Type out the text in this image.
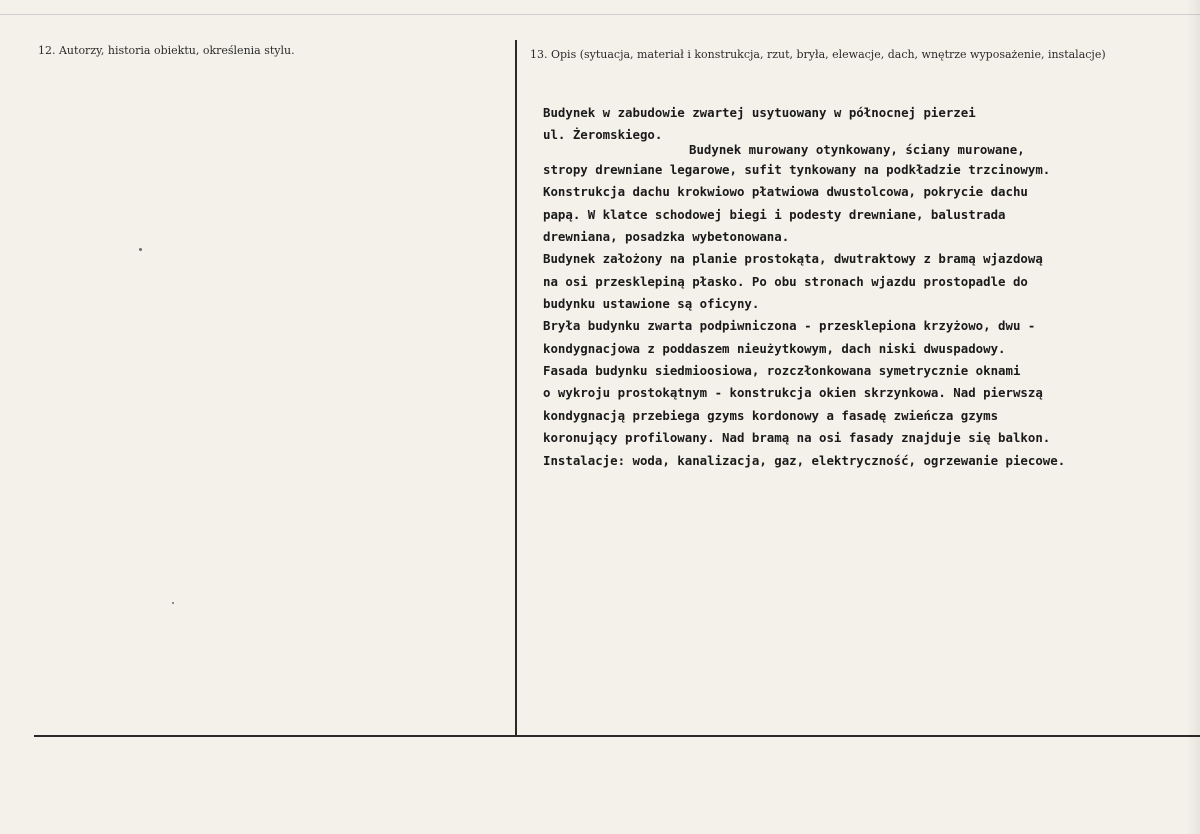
12. Autorzy, historia obiektu, określenia stylu.	13. Opis (sytuacja, materiał i konstrukcja, rzut, bryła, elewacje, dach, wnętrze wyposażenie, instalacje)
Budynek w zabudowie zwartej usytuowany w północnej pierzei
ul. Żeromskiego.
Budynek murowany otynkowany, ściany murowane,
stropy drewniane legarowe, sufit tynkowany na podkładzie trzcinowym.
Konstrukcja dachu krokwiowo płatwiowa dwustolcowa, pokrycie dachu
papą. W klatce schodowej biegi i podesty drewniane, balustrada
drewniana, posadzka wybetonowana.
Budynek założony na planie prostokąta, dwutraktowy z bramą wjazdową
na osi przesklepiną płasko. Po obu stronach wjazdu prostopadle do
budynku ustawione są oficyny.
Bryła budynku zwarta podpiwniczona - przesklepiona krzyżowo, dwu -
kondygnacjowa z poddaszem nieużytkowym, dach niski dwuspadowy.
Fasada budynku siedmioosiowa, rozczłonkowana symetrycznie oknami
o wykroju prostokątnym - konstrukcja okien skrzynkowa. Nad pierwszą
kondygnacją przebiega gzyms kordonowy a fasadę zwieńcza gzyms
koronujący profilowany. Nad bramą na osi fasady znajduje się balkon.
Instalacje: woda, kanalizacja, gaz, elektryczność, ogrzewanie piecowe.
